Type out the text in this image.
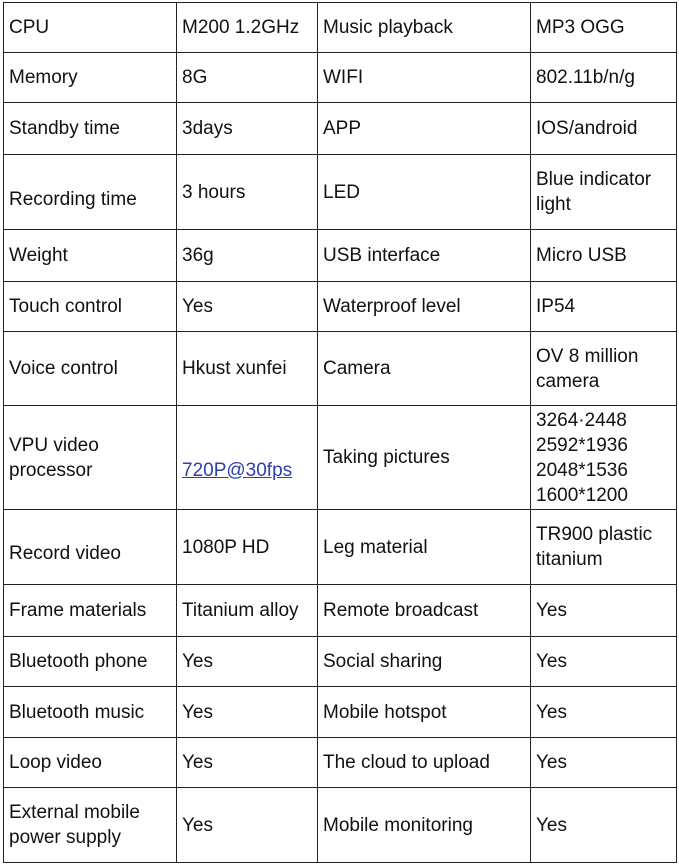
CPU	M200 1.2GHz	Music playback	MP3 OGG
Memory	8G	WIFI	802.11b/n/g
Standby time	3days	APP	IOS/android
Recording time	3 hours	LED	Blue indicator
light
Weight	36g	USB interface	Micro USB
Touch control	Yes	Waterproof level	IP54
Voice control	Hkust xunfei	Camera	OV 8 million
camera
VPU video
processor	720P@30fps	Taking pictures	3264·2448
2592*1936
2048*1536
1600*1200
Record video	1080P HD	Leg material	TR900 plastic
titanium
Frame materials	Titanium alloy	Remote broadcast	Yes
Bluetooth phone	Yes	Social sharing	Yes
Bluetooth music	Yes	Mobile hotspot	Yes
Loop video	Yes	The cloud to upload	Yes
External mobile
power supply	Yes	Mobile monitoring	Yes
